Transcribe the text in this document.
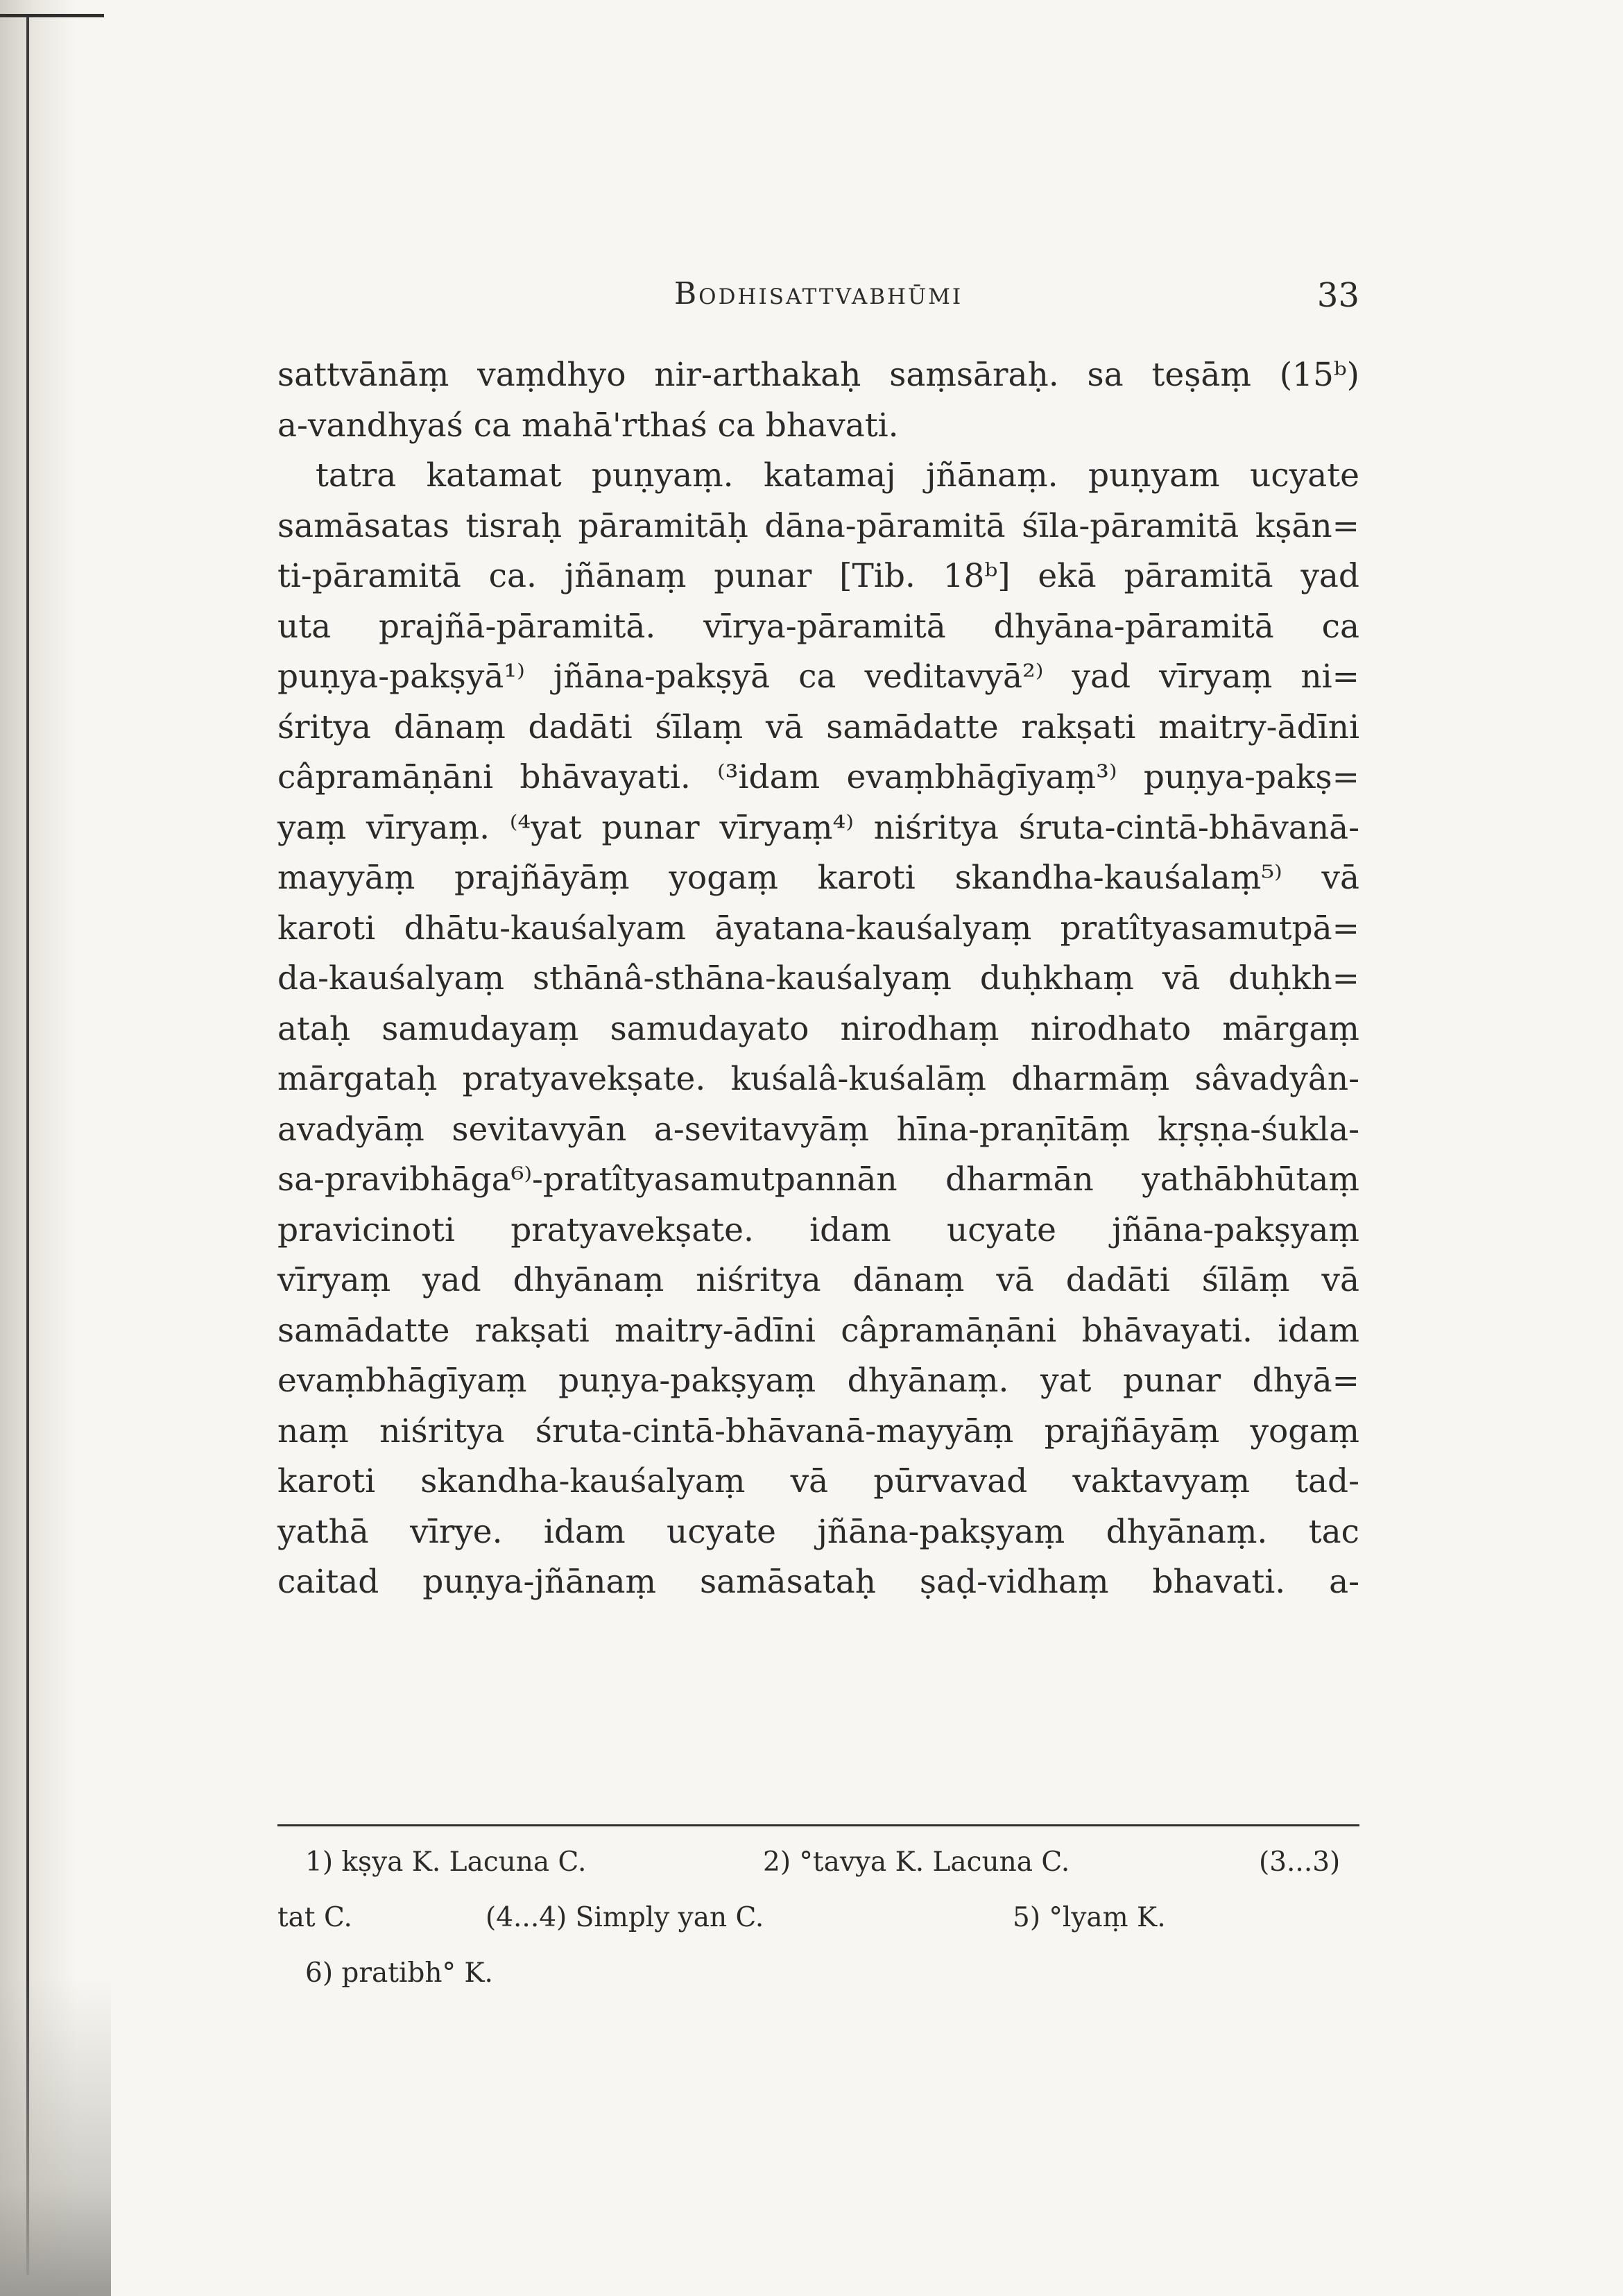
Bodhisattvabhūmi	33
sattvānāṃ vaṃdhyo nir-arthakaḥ saṃsāraḥ. sa teṣāṃ (15ᵇ)
a-vandhyaś ca mahā'rthaś ca bhavati.
tatra katamat puṇyaṃ. katamaj jñānaṃ. puṇyam ucyate
samāsatas tisraḥ pāramitāḥ dāna-pāramitā śīla-pāramitā kṣān=
ti-pāramitā ca. jñānaṃ punar [Tib. 18ᵇ] ekā pāramitā yad
uta prajñā-pāramitā. vīrya-pāramitā dhyāna-pāramitā ca
puṇya-pakṣyā¹⁾ jñāna-pakṣyā ca veditavyā²⁾ yad vīryaṃ ni=
śritya dānaṃ dadāti śīlaṃ vā samādatte rakṣati maitry-ādīni
câpramāṇāni bhāvayati. ⁽³idam evaṃbhāgīyaṃ³⁾ puṇya-pakṣ=
yaṃ vīryaṃ. ⁽⁴yat punar vīryaṃ⁴⁾ niśritya śruta-cintā-bhāvanā-
mayyāṃ prajñāyāṃ yogaṃ karoti skandha-kauśalaṃ⁵⁾ vā
karoti dhātu-kauśalyam āyatana-kauśalyaṃ pratîtyasamutpā=
da-kauśalyaṃ sthānâ-sthāna-kauśalyaṃ duḥkhaṃ vā duḥkh=
ataḥ samudayaṃ samudayato nirodhaṃ nirodhato mārgaṃ
mārgataḥ pratyavekṣate. kuśalâ-kuśalāṃ dharmāṃ sâvadyân-
avadyāṃ sevitavyān a-sevitavyāṃ hīna-praṇītāṃ kṛṣṇa-śukla-
sa-pravibhāga⁶⁾-pratîtyasamutpannān dharmān yathābhūtaṃ
pravicinoti pratyavekṣate. idam ucyate jñāna-pakṣyaṃ
vīryaṃ yad dhyānaṃ niśritya dānaṃ vā dadāti śīlāṃ vā
samādatte rakṣati maitry-ādīni câpramāṇāni bhāvayati. idam
evaṃbhāgīyaṃ puṇya-pakṣyaṃ dhyānaṃ. yat punar dhyā=
naṃ niśritya śruta-cintā-bhāvanā-mayyāṃ prajñāyāṃ yogaṃ
karoti skandha-kauśalyaṃ vā pūrvavad vaktavyaṃ tad-
yathā vīrye. idam ucyate jñāna-pakṣyaṃ dhyānaṃ. tac
caitad puṇya-jñānaṃ samāsataḥ ṣaḍ-vidhaṃ bhavati. a-
1) kṣya K. Lacuna C.	2) °tavya K. Lacuna C.	(3...3)
tat C.	(4...4) Simply yan C.	5) °lyaṃ K.
6) pratibh° K.
